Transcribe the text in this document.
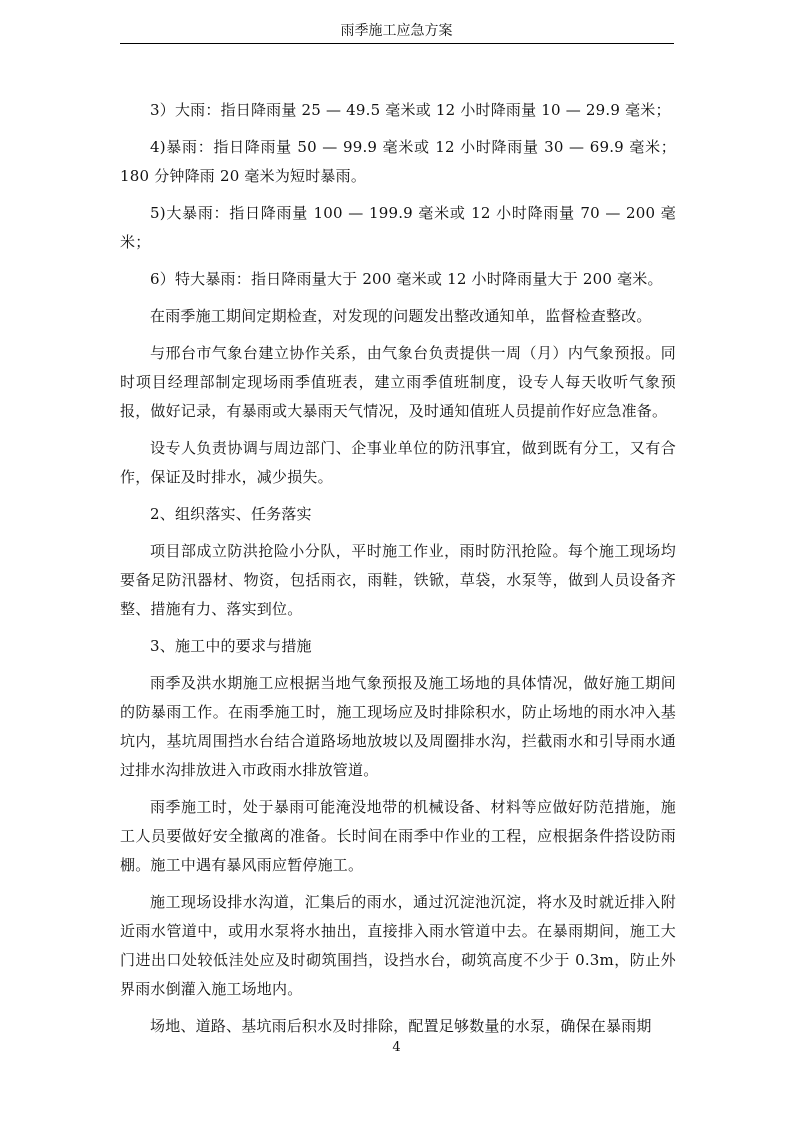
雨季施工应急方案

3）大雨：指日降雨量 25 — 49.5 毫米或 12 小时降雨量 10 — 29.9 毫米；

4)暴雨：指日降雨量 50 — 99.9 毫米或 12 小时降雨量 30 — 69.9 毫米；180 分钟降雨 20 毫米为短时暴雨。

5)大暴雨：指日降雨量 100 — 199.9 毫米或 12 小时降雨量 70 — 200 毫米；

6）特大暴雨：指日降雨量大于 200 毫米或 12 小时降雨量大于 200 毫米。

在雨季施工期间定期检查，对发现的问题发出整改通知单，监督检查整改。

与邢台市气象台建立协作关系，由气象台负责提供一周（月）内气象预报。同时项目经理部制定现场雨季值班表，建立雨季值班制度，设专人每天收听气象预报，做好记录，有暴雨或大暴雨天气情况，及时通知值班人员提前作好应急准备。

设专人负责协调与周边部门、企事业单位的防汛事宜，做到既有分工，又有合作，保证及时排水，减少损失。

2、组织落实、任务落实

项目部成立防洪抢险小分队，平时施工作业，雨时防汛抢险。每个施工现场均要备足防汛器材、物资，包括雨衣，雨鞋，铁锨，草袋，水泵等，做到人员设备齐整、措施有力、落实到位。

3、施工中的要求与措施

雨季及洪水期施工应根据当地气象预报及施工场地的具体情况，做好施工期间的防暴雨工作。在雨季施工时，施工现场应及时排除积水，防止场地的雨水冲入基坑内，基坑周围挡水台结合道路场地放坡以及周圈排水沟，拦截雨水和引导雨水通过排水沟排放进入市政雨水排放管道。

雨季施工时，处于暴雨可能淹没地带的机械设备、材料等应做好防范措施，施工人员要做好安全撤离的准备。长时间在雨季中作业的工程，应根据条件搭设防雨棚。施工中遇有暴风雨应暂停施工。

施工现场设排水沟道，汇集后的雨水，通过沉淀池沉淀，将水及时就近排入附近雨水管道中，或用水泵将水抽出，直接排入雨水管道中去。在暴雨期间，施工大门进出口处较低洼处应及时砌筑围挡，设挡水台，砌筑高度不少于 0.3m，防止外界雨水倒灌入施工场地内。

场地、道路、基坑雨后积水及时排除，配置足够数量的水泵，确保在暴雨期

4
